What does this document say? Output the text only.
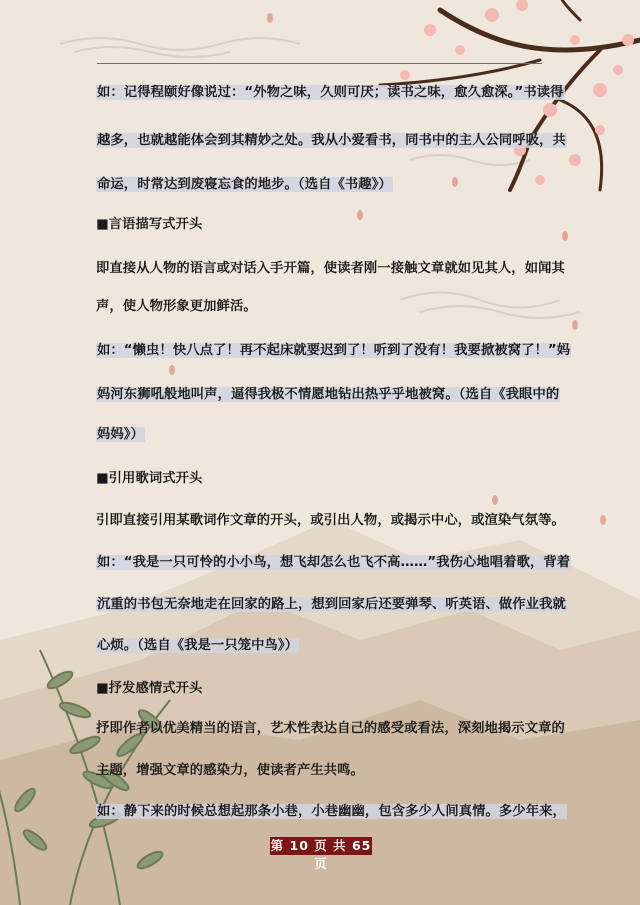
如：记得程颐好像说过：“外物之味，久则可厌；读书之味，愈久愈深。”书读得
越多，也就越能体会到其精妙之处。我从小爱看书，同书中的主人公同呼吸，共
命运，时常达到废寝忘食的地步。（选自《书趣》）
■言语描写式开头
即直接从人物的语言或对话入手开篇，使读者刚一接触文章就如见其人，如闻其
声，使人物形象更加鲜活。
如：“懒虫！快八点了！再不起床就要迟到了！听到了没有！我要掀被窝了！”妈
妈河东狮吼般地叫声，逼得我极不情愿地钻出热乎乎地被窝。（选自《我眼中的
妈妈》）
■引用歌词式开头
引即直接引用某歌词作文章的开头，或引出人物，或揭示中心，或渲染气氛等。
如：“我是一只可怜的小小鸟，想飞却怎么也飞不高……”我伤心地唱着歌，背着
沉重的书包无奈地走在回家的路上，想到回家后还要弹琴、听英语、做作业我就
心烦。（选自《我是一只笼中鸟》）
■抒发感情式开头
抒即作者以优美精当的语言，艺术性表达自己的感受或看法，深刻地揭示文章的
主题，增强文章的感染力，使读者产生共鸣。
如：静下来的时候总想起那条小巷，小巷幽幽，包含多少人间真情。多少年来，
第 10 页 共 65 页
